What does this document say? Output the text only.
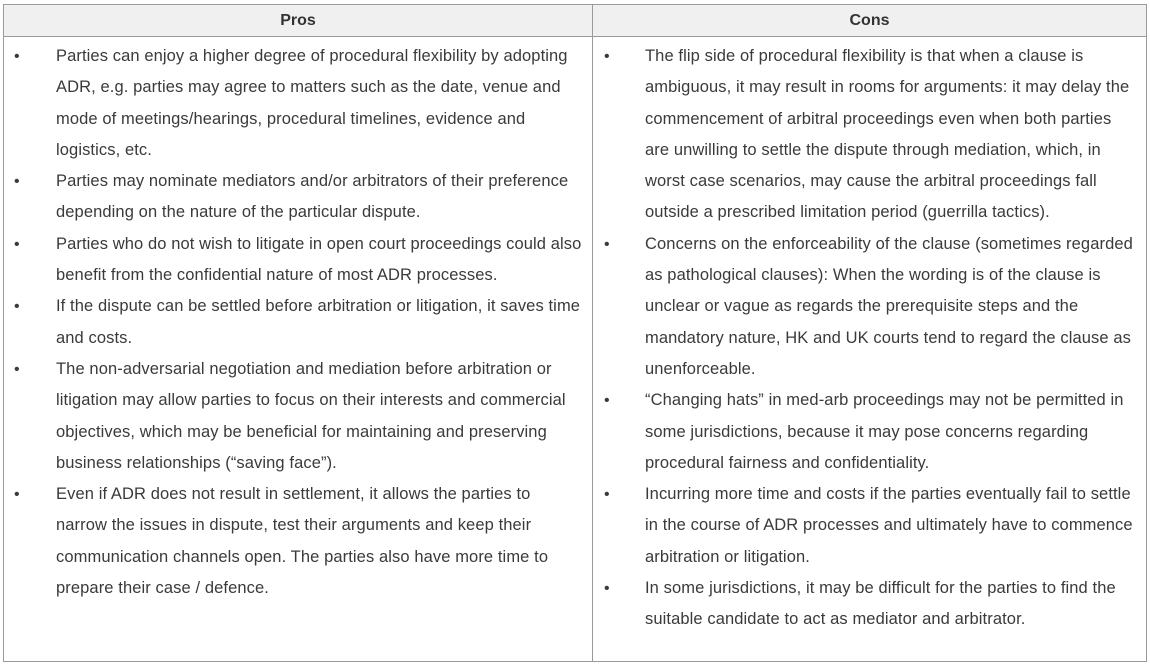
Pros	Cons
• Parties can enjoy a higher degree of procedural flexibility by adopting ADR, e.g. parties may agree to matters such as the date, venue and mode of meetings/hearings, procedural timelines, evidence and logistics, etc.
• Parties may nominate mediators and/or arbitrators of their preference depending on the nature of the particular dispute.
• Parties who do not wish to litigate in open court proceedings could also benefit from the confidential nature of most ADR processes.
• If the dispute can be settled before arbitration or litigation, it saves time and costs.
• The non-adversarial negotiation and mediation before arbitration or litigation may allow parties to focus on their interests and commercial objectives, which may be beneficial for maintaining and preserving business relationships (“saving face”).
• Even if ADR does not result in settlement, it allows the parties to narrow the issues in dispute, test their arguments and keep their communication channels open. The parties also have more time to prepare their case / defence.
• The flip side of procedural flexibility is that when a clause is ambiguous, it may result in rooms for arguments: it may delay the commencement of arbitral proceedings even when both parties are unwilling to settle the dispute through mediation, which, in worst case scenarios, may cause the arbitral proceedings fall outside a prescribed limitation period (guerrilla tactics).
• Concerns on the enforceability of the clause (sometimes regarded as pathological clauses): When the wording is of the clause is unclear or vague as regards the prerequisite steps and the mandatory nature, HK and UK courts tend to regard the clause as unenforceable.
• “Changing hats” in med-arb proceedings may not be permitted in some jurisdictions, because it may pose concerns regarding procedural fairness and confidentiality.
• Incurring more time and costs if the parties eventually fail to settle in the course of ADR processes and ultimately have to commence arbitration or litigation.
• In some jurisdictions, it may be difficult for the parties to find the suitable candidate to act as mediator and arbitrator.
